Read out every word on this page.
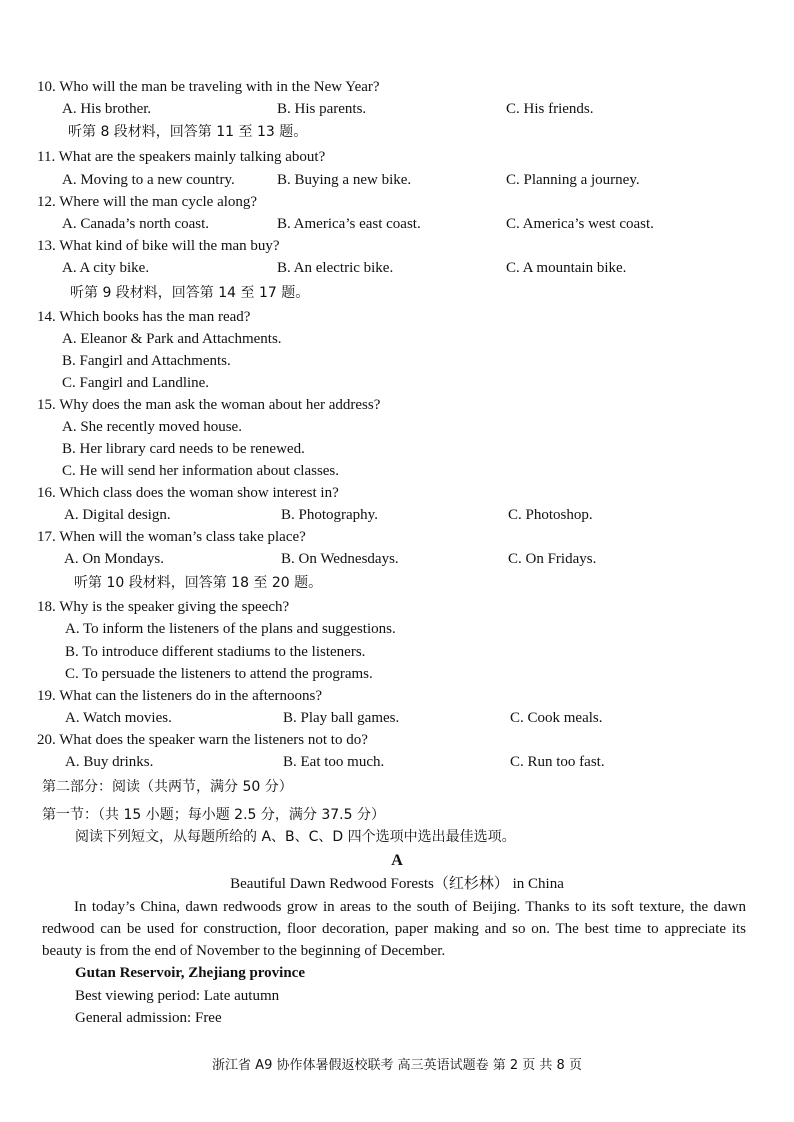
10. Who will the man be traveling with in the New Year?
A. His brother.	B. His parents.	C. His friends.
听第 8 段材料，回答第 11 至 13 题。
11. What are the speakers mainly talking about?
A. Moving to a new country.	B. Buying a new bike.	C. Planning a journey.
12. Where will the man cycle along?
A. Canada’s north coast.	B. America’s east coast.	C. America’s west coast.
13. What kind of bike will the man buy?
A. A city bike.	B. An electric bike.	C. A mountain bike.
听第 9 段材料，回答第 14 至 17 题。
14. Which books has the man read?
A. Eleanor & Park and Attachments.
B. Fangirl and Attachments.
C. Fangirl and Landline.
15. Why does the man ask the woman about her address?
A. She recently moved house.
B. Her library card needs to be renewed.
C. He will send her information about classes.
16. Which class does the woman show interest in?
A. Digital design.	B. Photography.	C. Photoshop.
17. When will the woman’s class take place?
A. On Mondays.	B. On Wednesdays.	C. On Fridays.
听第 10 段材料，回答第 18 至 20 题。
18. Why is the speaker giving the speech?
A. To inform the listeners of the plans and suggestions.
B. To introduce different stadiums to the listeners.
C. To persuade the listeners to attend the programs.
19. What can the listeners do in the afternoons?
A. Watch movies.	B. Play ball games.	C. Cook meals.
20. What does the speaker warn the listeners not to do?
A. Buy drinks.	B. Eat too much.	C. Run too fast.
第二部分：阅读（共两节，满分 50 分）
第一节：（共 15 小题；每小题 2.5 分，满分 37.5 分）
阅读下列短文，从每题所给的 A、B、C、D 四个选项中选出最佳选项。
A
Beautiful Dawn Redwood Forests（红杉林） in China
In today’s China, dawn redwoods grow in areas to the south of Beijing. Thanks to its soft texture, the dawn redwood can be used for construction, floor decoration, paper making and so on. The best time to appreciate its beauty is from the end of November to the beginning of December.
Gutan Reservoir, Zhejiang province
Best viewing period: Late autumn
General admission: Free
浙江省 A9 协作体暑假返校联考 高三英语试题卷 第 2 页 共 8 页
